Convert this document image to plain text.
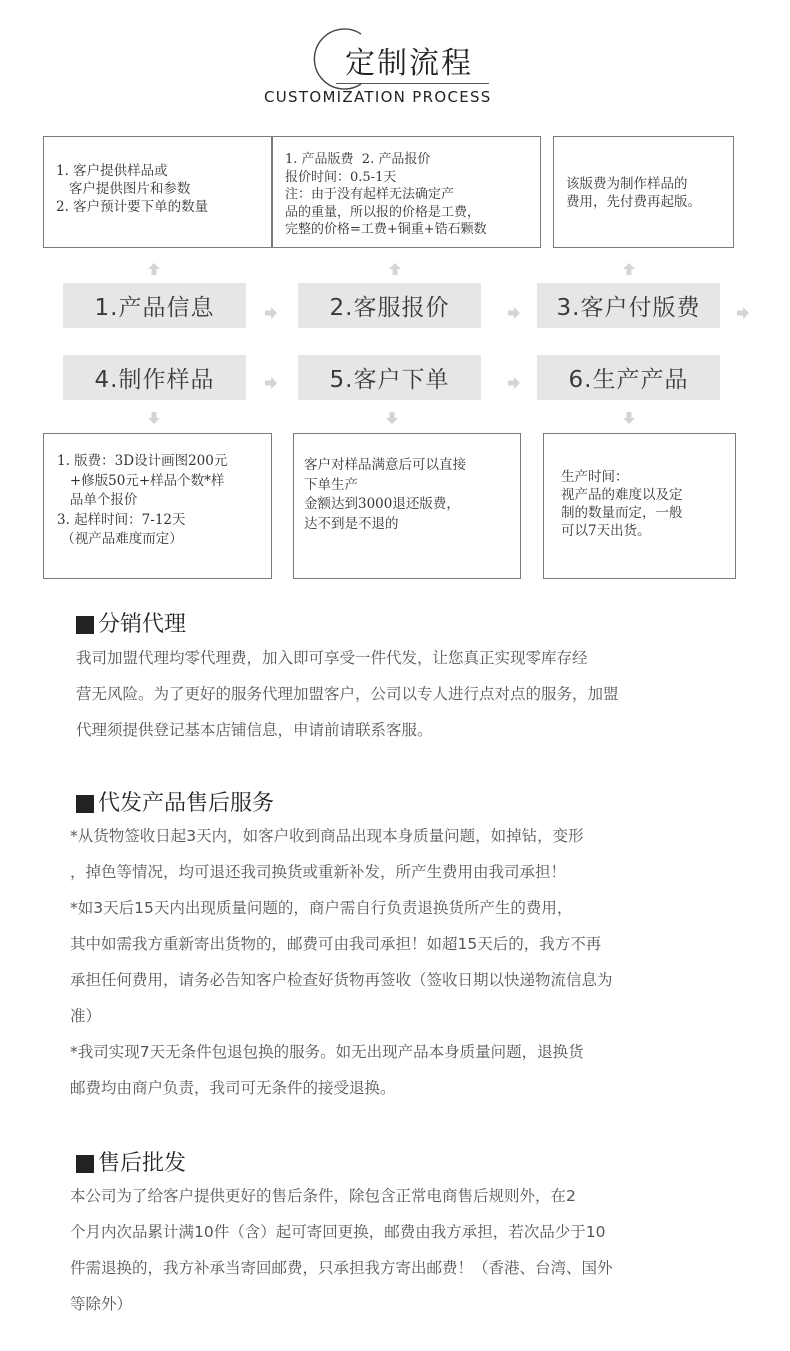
定制流程
CUSTOMIZATION PROCESS
1. 客户提供样品或
客户提供图片和参数
2. 客户预计要下单的数量
1. 产品版费  2. 产品报价
报价时间：0.5-1天
注：由于没有起样无法确定产
品的重量，所以报的价格是工费，
完整的价格=工费+铜重+锆石颗数
该版费为制作样品的
费用，先付费再起版。
1.产品信息	2.客服报价	3.客户付版费
4.制作样品	5.客户下单	6.生产产品
1. 版费：3D设计画图200元
+修版50元+样品个数*样
品单个报价
3. 起样时间：7-12天
（视产品难度而定）
客户对样品满意后可以直接
下单生产
金额达到3000退还版费，
达不到是不退的
生产时间：
视产品的难度以及定
制的数量而定，一般
可以7天出货。
分销代理
我司加盟代理均零代理费，加入即可享受一件代发，让您真正实现零库存经
营无风险。为了更好的服务代理加盟客户，公司以专人进行点对点的服务，加盟
代理须提供登记基本店铺信息，申请前请联系客服。
代发产品售后服务
*从货物签收日起3天内，如客户收到商品出现本身质量问题，如掉钻，变形
，掉色等情况，均可退还我司换货或重新补发，所产生费用由我司承担！
*如3天后15天内出现质量问题的，商户需自行负责退换货所产生的费用，
其中如需我方重新寄出货物的，邮费可由我司承担！如超15天后的，我方不再
承担任何费用，请务必告知客户检查好货物再签收（签收日期以快递物流信息为
准）
*我司实现7天无条件包退包换的服务。如无出现产品本身质量问题，退换货
邮费均由商户负责，我司可无条件的接受退换。
售后批发
本公司为了给客户提供更好的售后条件，除包含正常电商售后规则外，在2
个月内次品累计满10件（含）起可寄回更换，邮费由我方承担，若次品少于10
件需退换的，我方补承当寄回邮费，只承担我方寄出邮费！（香港、台湾、国外
等除外）
